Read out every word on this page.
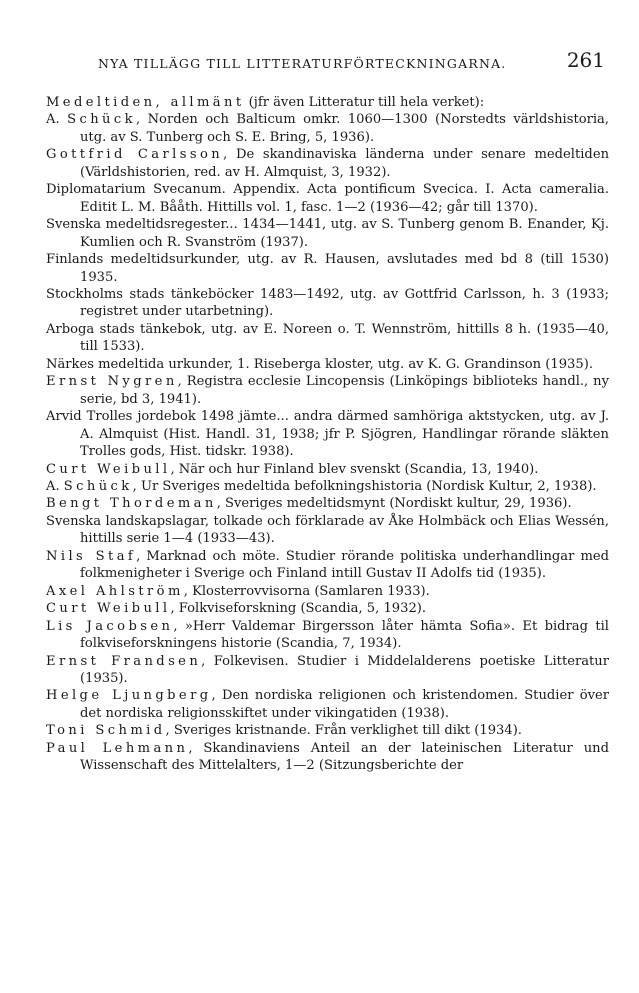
NYA TILLÄGG TILL LITTERATURFÖRTECKNINGARNA.	261

Medeltiden, allmänt (jfr även Litteratur till hela verket):

A. Schück, Norden och Balticum omkr. 1060—1300 (Norstedts världshistoria, utg. av S. Tunberg och S. E. Bring, 5, 1936).

Gottfrid Carlsson, De skandinaviska länderna under senare medeltiden (Världshistorien, red. av H. Almquist, 3, 1932).

Diplomatarium Svecanum. Appendix. Acta pontificum Svecica. I. Acta cameralia. Editit L. M. Bååth. Hittills vol. 1, fasc. 1—2 (1936—42; går till 1370).

Svenska medeltidsregester... 1434—1441, utg. av S. Tunberg genom B. Enander, Kj. Kumlien och R. Svanström (1937).

Finlands medeltidsurkunder, utg. av R. Hausen, avslutades med bd 8 (till 1530) 1935.

Stockholms stads tänkeböcker 1483—1492, utg. av Gottfrid Carlsson, h. 3 (1933; registret under utarbetning).

Arboga stads tänkebok, utg. av E. Noreen o. T. Wennström, hittills 8 h. (1935—40, till 1533).

Närkes medeltida urkunder, 1. Riseberga kloster, utg. av K. G. Grandinson (1935).

Ernst Nygren, Registra ecclesie Lincopensis (Linköpings biblioteks handl., ny serie, bd 3, 1941).

Arvid Trolles jordebok 1498 jämte... andra därmed samhöriga aktstycken, utg. av J. A. Almquist (Hist. Handl. 31, 1938; jfr P. Sjögren, Handlingar rörande släkten Trolles gods, Hist. tidskr. 1938).

Curt Weibull, När och hur Finland blev svenskt (Scandia, 13, 1940).

A. Schück, Ur Sveriges medeltida befolkningshistoria (Nordisk Kultur, 2, 1938).

Bengt Thordeman, Sveriges medeltidsmynt (Nordiskt kultur, 29, 1936).

Svenska landskapslagar, tolkade och förklarade av Åke Holmbäck och Elias Wessén, hittills serie 1—4 (1933—43).

Nils Staf, Marknad och möte. Studier rörande politiska underhandlingar med folkmenigheter i Sverige och Finland intill Gustav II Adolfs tid (1935).

Axel Ahlström, Klosterrovvisorna (Samlaren 1933).

Curt Weibull, Folkviseforskning (Scandia, 5, 1932).

Lis Jacobsen, »Herr Valdemar Birgersson låter hämta Sofia». Et bidrag til folkviseforskningens historie (Scandia, 7, 1934).

Ernst Frandsen, Folkevisen. Studier i Middelalderens poetiske Litteratur (1935).

Helge Ljungberg, Den nordiska religionen och kristendomen. Studier över det nordiska religionsskiftet under vikingatiden (1938).

Toni Schmid, Sveriges kristnande. Från verklighet till dikt (1934).

Paul Lehmann, Skandinaviens Anteil an der lateinischen Literatur und Wissenschaft des Mittelalters, 1—2 (Sitzungsberichte der
